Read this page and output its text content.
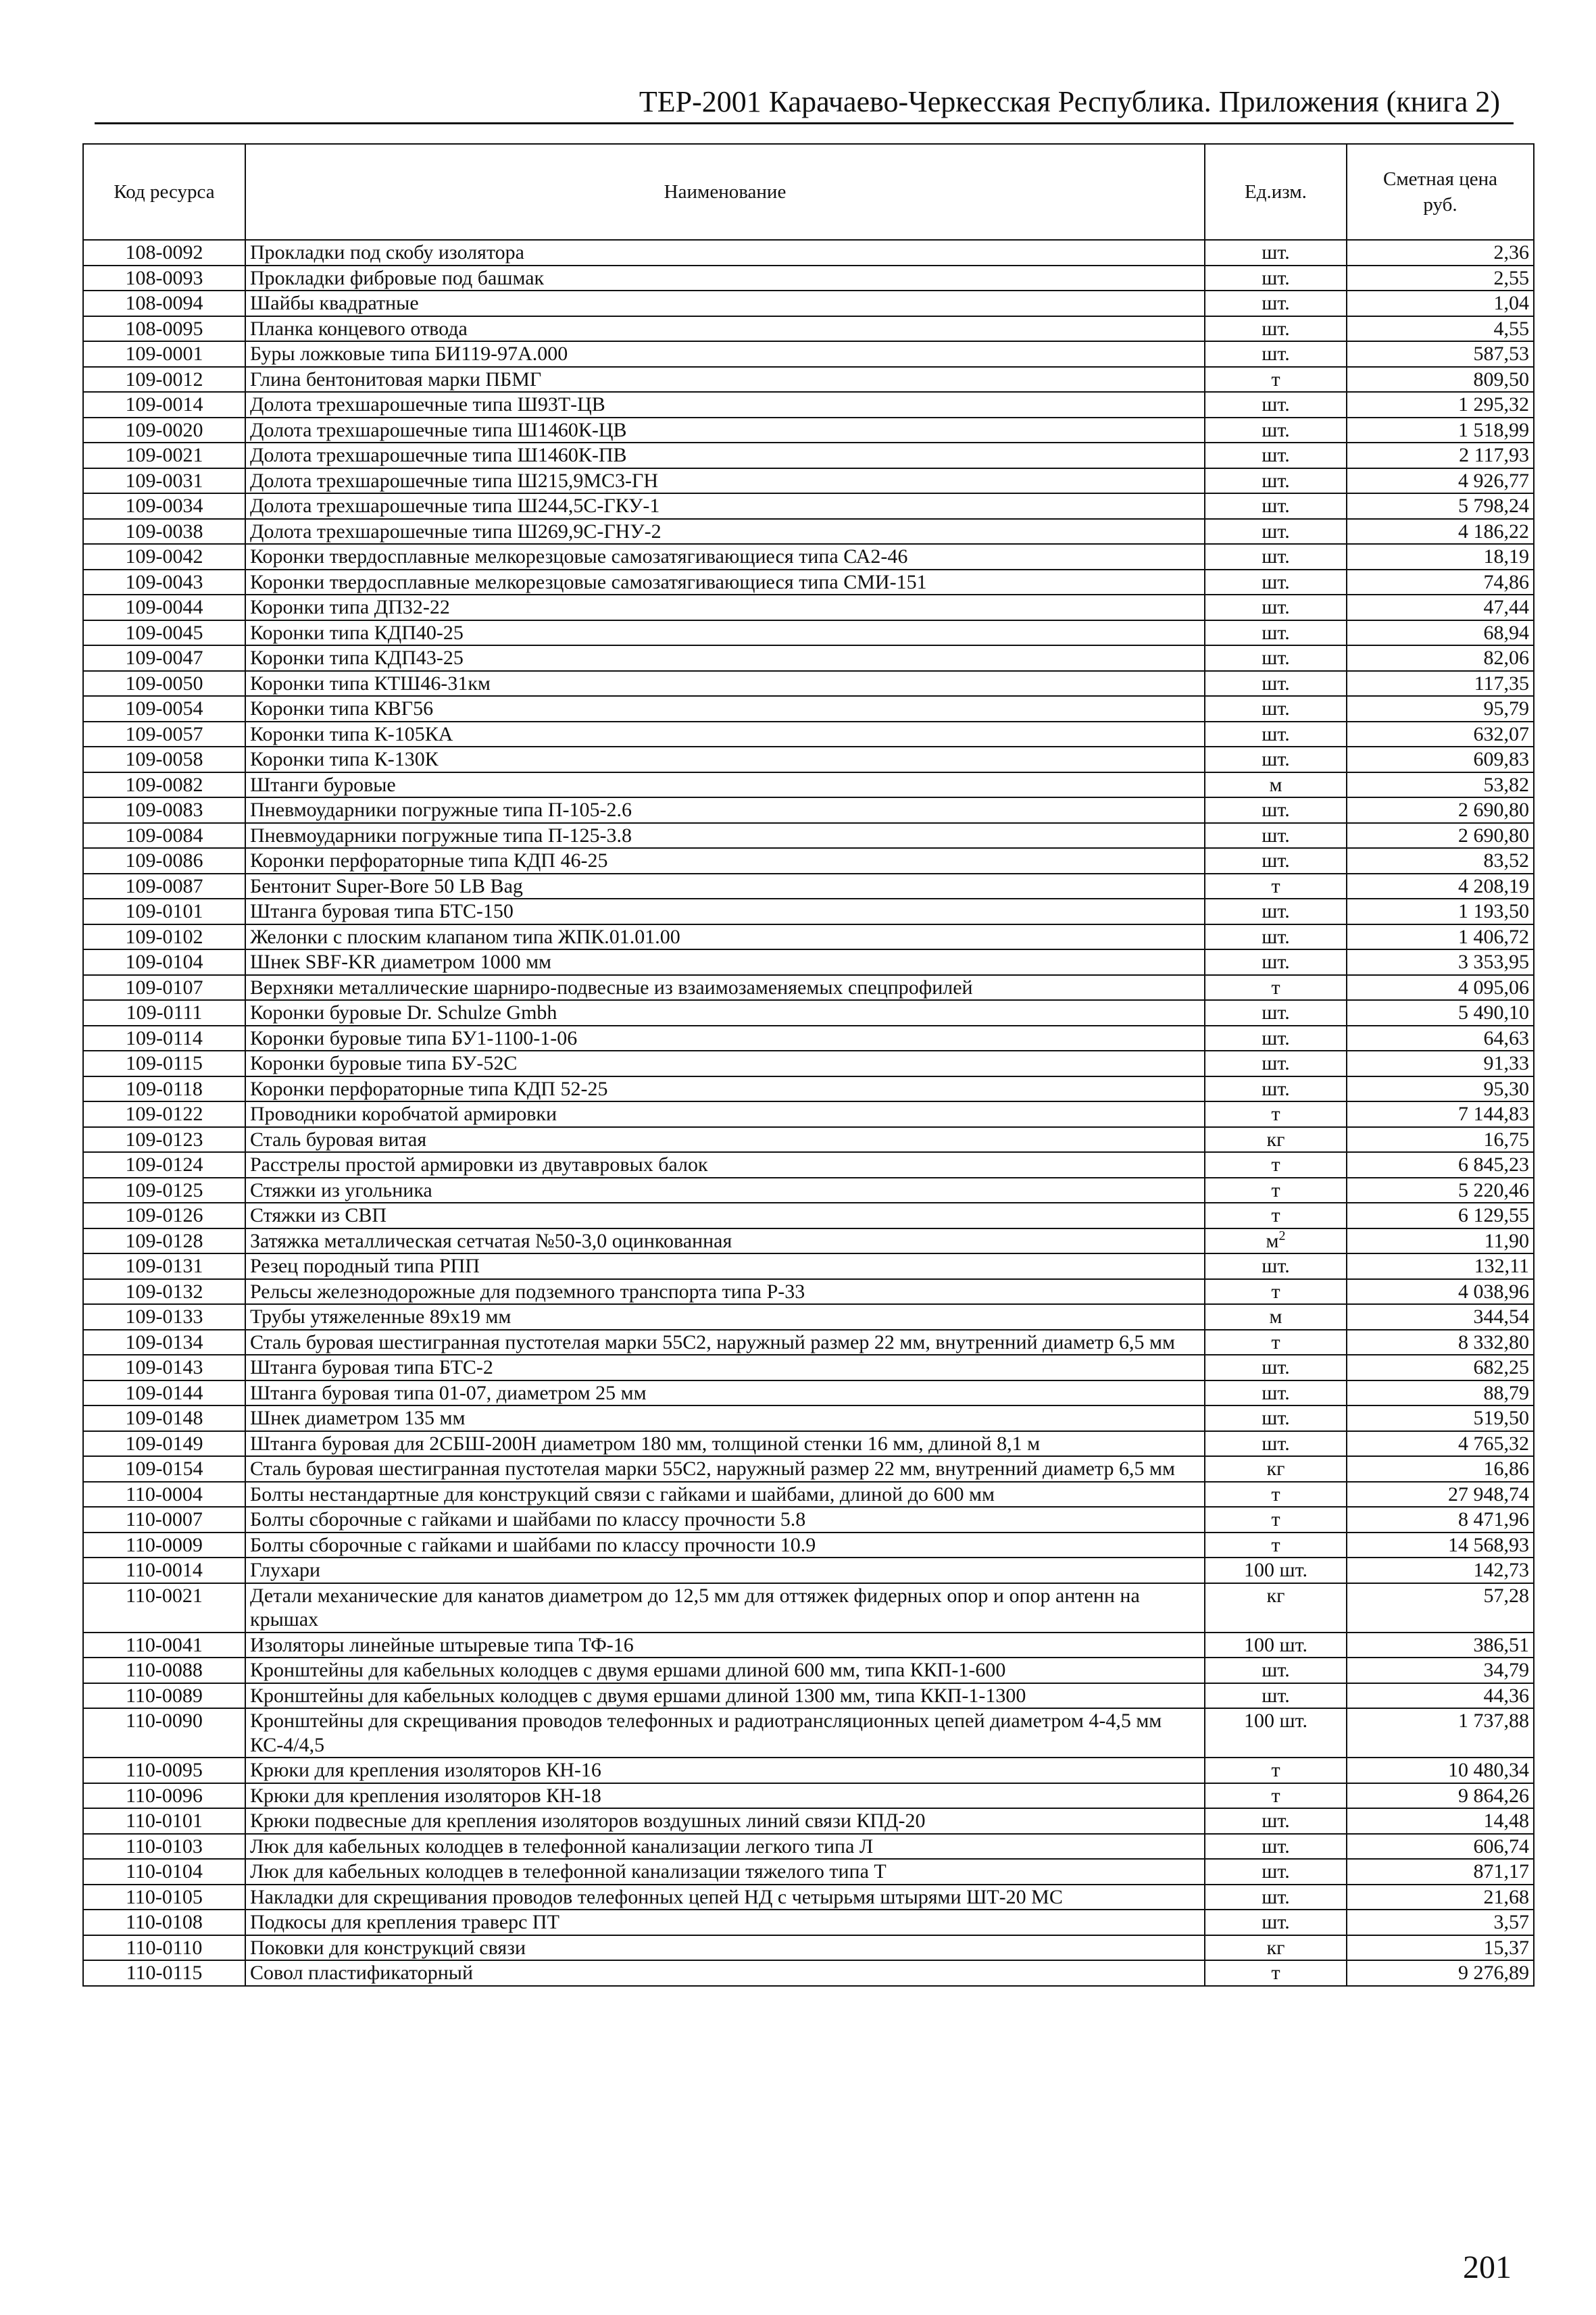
ТЕР-2001 Карачаево-Черкесская Республика. Приложения (книга 2)
Код ресурса	Наименование	Ед.изм.	Сметная цена руб.
108-0092	Прокладки под скобу изолятора	шт.	2,36
108-0093	Прокладки фибровые под башмак	шт.	2,55
108-0094	Шайбы квадратные	шт.	1,04
108-0095	Планка концевого отвода	шт.	4,55
109-0001	Буры ложковые типа БИ119-97А.000	шт.	587,53
109-0012	Глина бентонитовая марки ПБМГ	т	809,50
109-0014	Долота трехшарошечные типа Ш93Т-ЦВ	шт.	1 295,32
109-0020	Долота трехшарошечные типа Ш1460К-ЦВ	шт.	1 518,99
109-0021	Долота трехшарошечные типа Ш1460К-ПВ	шт.	2 117,93
109-0031	Долота трехшарошечные типа Ш215,9МС3-ГН	шт.	4 926,77
109-0034	Долота трехшарошечные типа Ш244,5С-ГКУ-1	шт.	5 798,24
109-0038	Долота трехшарошечные типа Ш269,9С-ГНУ-2	шт.	4 186,22
109-0042	Коронки твердосплавные мелкорезцовые самозатягивающиеся типа СА2-46	шт.	18,19
109-0043	Коронки твердосплавные мелкорезцовые самозатягивающиеся типа СМИ-151	шт.	74,86
109-0044	Коронки типа ДП32-22	шт.	47,44
109-0045	Коронки типа КДП40-25	шт.	68,94
109-0047	Коронки типа КДП43-25	шт.	82,06
109-0050	Коронки типа КТШ46-31км	шт.	117,35
109-0054	Коронки типа КВГ56	шт.	95,79
109-0057	Коронки типа К-105КА	шт.	632,07
109-0058	Коронки типа К-130К	шт.	609,83
109-0082	Штанги буровые	м	53,82
109-0083	Пневмоударники погружные типа П-105-2.6	шт.	2 690,80
109-0084	Пневмоударники погружные типа П-125-3.8	шт.	2 690,80
109-0086	Коронки перфораторные типа КДП 46-25	шт.	83,52
109-0087	Бентонит Super-Bore 50 LB Bag	т	4 208,19
109-0101	Штанга буровая типа БТС-150	шт.	1 193,50
109-0102	Желонки с плоским клапаном типа ЖПК.01.01.00	шт.	1 406,72
109-0104	Шнек SBF-KR диаметром 1000 мм	шт.	3 353,95
109-0107	Верхняки металлические шарниро-подвесные из взаимозаменяемых спецпрофилей	т	4 095,06
109-0111	Коронки буровые Dr. Schulze Gmbh	шт.	5 490,10
109-0114	Коронки буровые типа БУ1-1100-1-06	шт.	64,63
109-0115	Коронки буровые типа БУ-52С	шт.	91,33
109-0118	Коронки перфораторные типа КДП 52-25	шт.	95,30
109-0122	Проводники коробчатой армировки	т	7 144,83
109-0123	Сталь буровая витая	кг	16,75
109-0124	Расстрелы простой армировки из двутавровых балок	т	6 845,23
109-0125	Стяжки из угольника	т	5 220,46
109-0126	Стяжки из СВП	т	6 129,55
109-0128	Затяжка металлическая сетчатая №50-3,0 оцинкованная	$м^2$	11,90
109-0131	Резец породный типа РПП	шт.	132,11
109-0132	Рельсы железнодорожные для подземного транспорта типа Р-33	т	4 038,96
109-0133	Трубы утяжеленные 89х19 мм	м	344,54
109-0134	Сталь буровая шестигранная пустотелая марки 55С2, наружный размер 22 мм, внутренний диаметр 6,5 мм	т	8 332,80
109-0143	Штанга буровая типа БТС-2	шт.	682,25
109-0144	Штанга буровая типа 01-07, диаметром 25 мм	шт.	88,79
109-0148	Шнек диаметром 135 мм	шт.	519,50
109-0149	Штанга буровая для 2СБШ-200Н диаметром 180 мм, толщиной стенки 16 мм, длиной 8,1 м	шт.	4 765,32
109-0154	Сталь буровая шестигранная пустотелая марки 55С2, наружный размер 22 мм, внутренний диаметр 6,5 мм	кг	16,86
110-0004	Болты нестандартные для конструкций связи с гайками и шайбами, длиной до 600 мм	т	27 948,74
110-0007	Болты сборочные с гайками и шайбами по классу прочности 5.8	т	8 471,96
110-0009	Болты сборочные с гайками и шайбами по классу прочности 10.9	т	14 568,93
110-0014	Глухари	100 шт.	142,73
110-0021	Детали механические для канатов диаметром до 12,5 мм для оттяжек фидерных опор и опор антенн на крышах	кг	57,28
110-0041	Изоляторы линейные штыревые типа ТФ-16	100 шт.	386,51
110-0088	Кронштейны для кабельных колодцев с двумя ершами длиной 600 мм, типа ККП-1-600	шт.	34,79
110-0089	Кронштейны для кабельных колодцев с двумя ершами длиной 1300 мм, типа ККП-1-1300	шт.	44,36
110-0090	Кронштейны для скрещивания проводов телефонных и радиотрансляционных цепей диаметром 4-4,5 мм КС-4/4,5	100 шт.	1 737,88
110-0095	Крюки для крепления изоляторов КН-16	т	10 480,34
110-0096	Крюки для крепления изоляторов КН-18	т	9 864,26
110-0101	Крюки подвесные для крепления изоляторов воздушных линий связи КПД-20	шт.	14,48
110-0103	Люк для кабельных колодцев в телефонной канализации легкого типа Л	шт.	606,74
110-0104	Люк для кабельных колодцев в телефонной канализации тяжелого типа Т	шт.	871,17
110-0105	Накладки для скрещивания проводов телефонных цепей НД с четырьмя штырями ШТ-20 МС	шт.	21,68
110-0108	Подкосы для крепления траверс ПТ	шт.	3,57
110-0110	Поковки для конструкций связи	кг	15,37
110-0115	Совол пластификаторный	т	9 276,89
201
